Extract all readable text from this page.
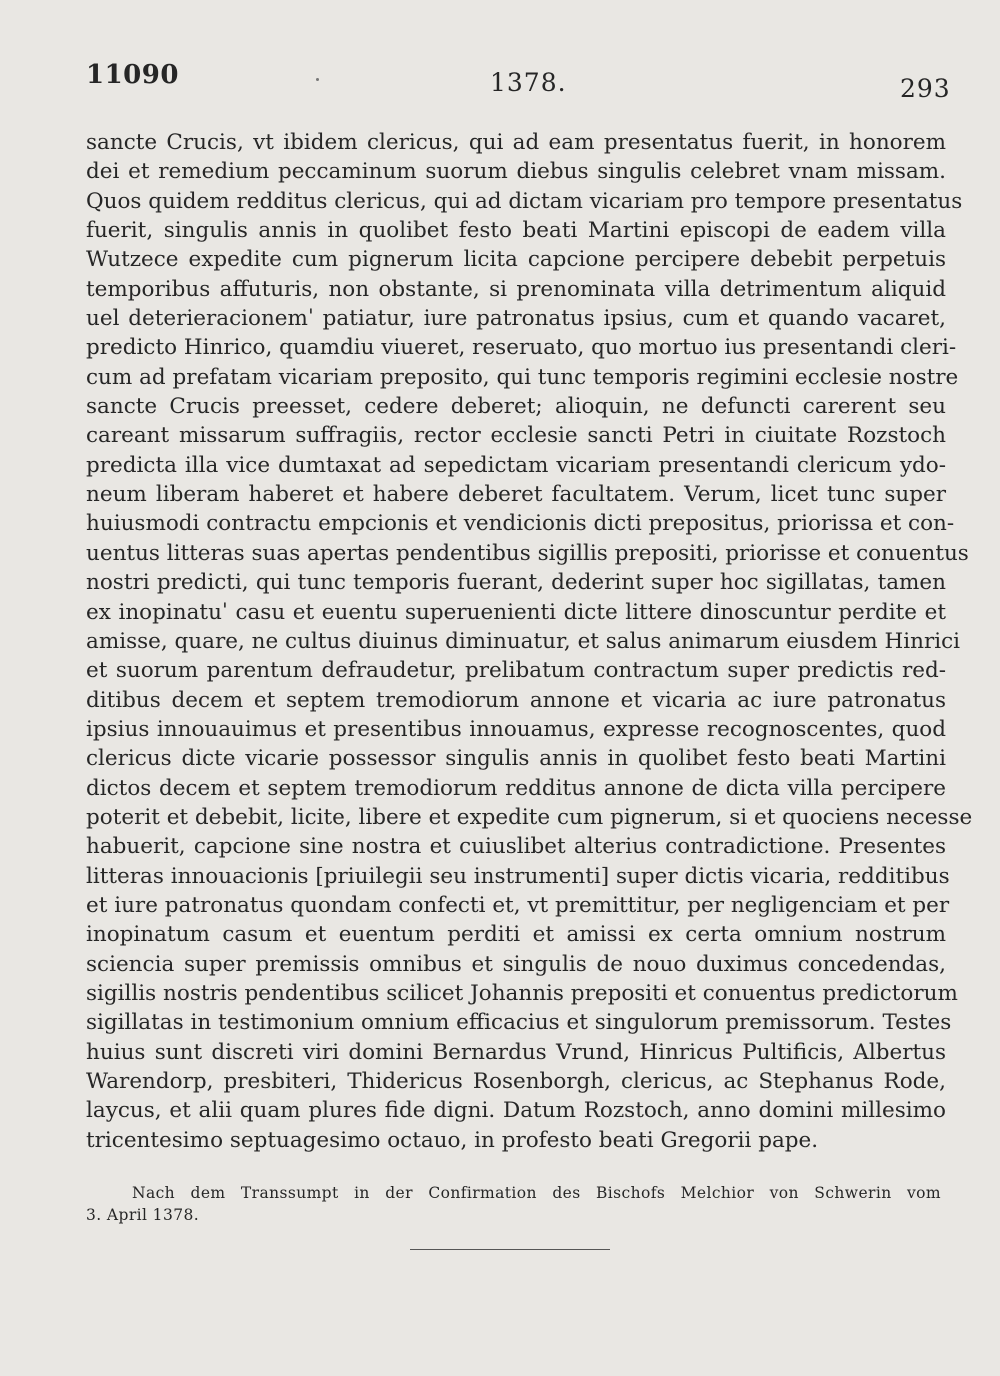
11090	1378.	293
sancte Crucis, vt ibidem clericus, qui ad eam presentatus fuerit, in honorem
dei et remedium peccaminum suorum diebus singulis celebret vnam missam.
Quos quidem redditus clericus, qui ad dictam vicariam pro tempore presentatus
fuerit, singulis annis in quolibet festo beati Martini episcopi de eadem villa
Wutzece expedite cum pignerum licita capcione percipere debebit perpetuis
temporibus affuturis, non obstante, si prenominata villa detrimentum aliquid
uel deterieracionemˈ patiatur, iure patronatus ipsius, cum et quando vacaret,
predicto Hinrico, quamdiu viueret, reseruato, quo mortuo ius presentandi cleri-
cum ad prefatam vicariam preposito, qui tunc temporis regimini ecclesie nostre
sancte Crucis preesset, cedere deberet; alioquin, ne defuncti carerent seu
careant missarum suffragiis, rector ecclesie sancti Petri in ciuitate Rozstoch
predicta illa vice dumtaxat ad sepedictam vicariam presentandi clericum ydo-
neum liberam haberet et habere deberet facultatem. Verum, licet tunc super
huiusmodi contractu empcionis et vendicionis dicti prepositus, priorissa et con-
uentus litteras suas apertas pendentibus sigillis prepositi, priorisse et conuentus
nostri predicti, qui tunc temporis fuerant, dederint super hoc sigillatas, tamen
ex inopinatuˈ casu et euentu superuenienti dicte littere dinoscuntur perdite et
amisse, quare, ne cultus diuinus diminuatur, et salus animarum eiusdem Hinrici
et suorum parentum defraudetur, prelibatum contractum super predictis red-
ditibus decem et septem tremodiorum annone et vicaria ac iure patronatus
ipsius innouauimus et presentibus innouamus, expresse recognoscentes, quod
clericus dicte vicarie possessor singulis annis in quolibet festo beati Martini
dictos decem et septem tremodiorum redditus annone de dicta villa percipere
poterit et debebit, licite, libere et expedite cum pignerum, si et quociens necesse
habuerit, capcione sine nostra et cuiuslibet alterius contradictione. Presentes
litteras innouacionis [priuilegii seu instrumenti] super dictis vicaria, redditibus
et iure patronatus quondam confecti et, vt premittitur, per negligenciam et per
inopinatum casum et euentum perditi et amissi ex certa omnium nostrum
sciencia super premissis omnibus et singulis de nouo duximus concedendas,
sigillis nostris pendentibus scilicet Johannis prepositi et conuentus predictorum
sigillatas in testimonium omnium efficacius et singulorum premissorum. Testes
huius sunt discreti viri domini Bernardus Vrund, Hinricus Pultificis, Albertus
Warendorp, presbiteri, Thidericus Rosenborgh, clericus, ac Stephanus Rode,
laycus, et alii quam plures fide digni. Datum Rozstoch, anno domini millesimo
tricentesimo septuagesimo octauo, in profesto beati Gregorii pape.
Nach dem Transsumpt in der Confirmation des Bischofs Melchior von Schwerin vom
3. April 1378.
